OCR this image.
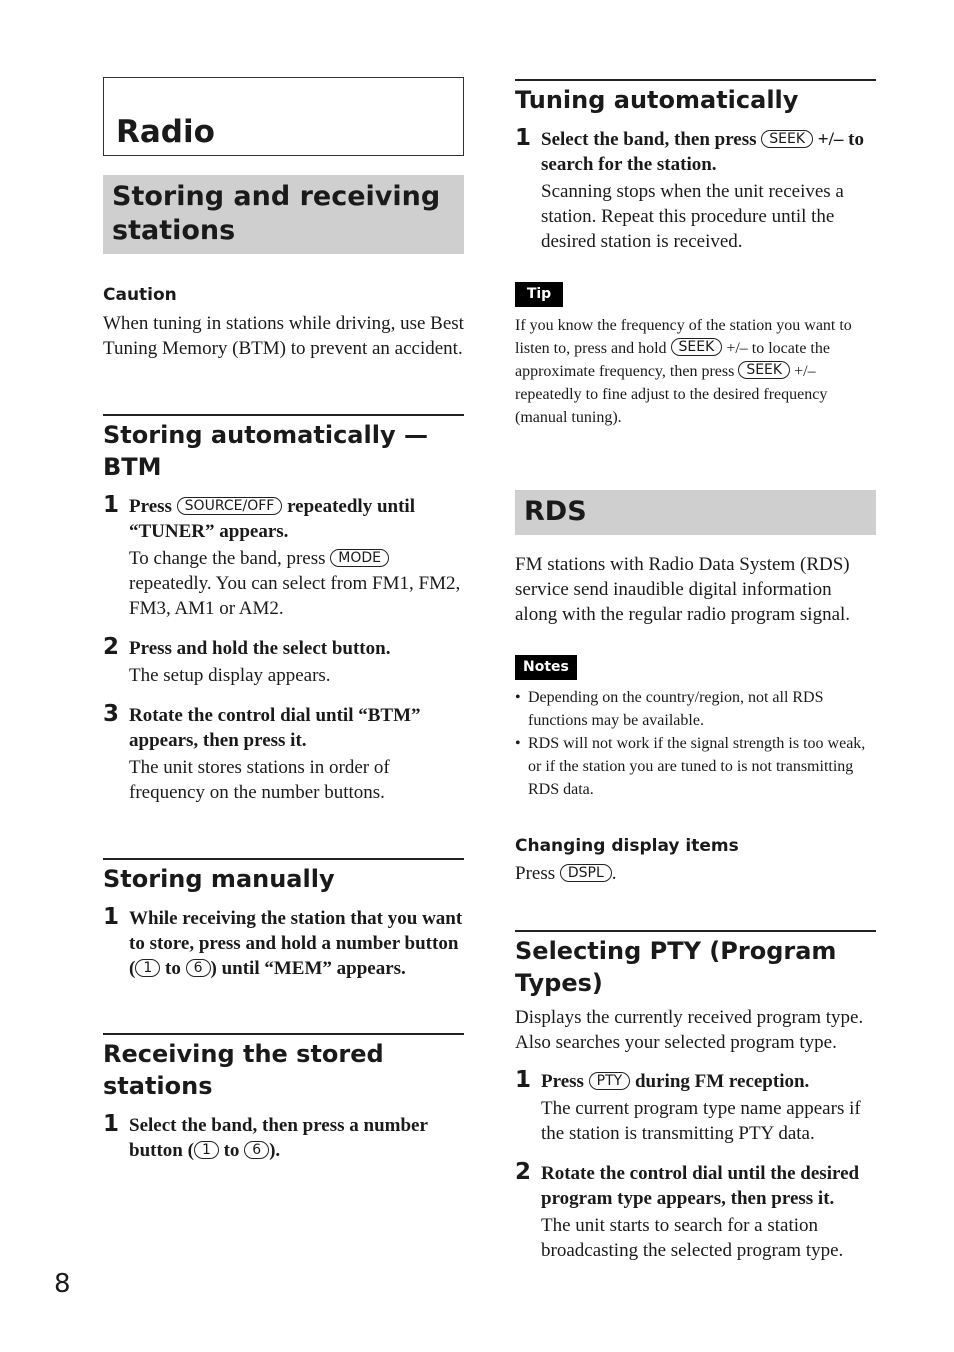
Radio
Storing and receiving stations
Caution
When tuning in stations while driving, use Best Tuning Memory (BTM) to prevent an accident.
Storing automatically — BTM
1 Press SOURCE/OFF repeatedly until “TUNER” appears.
To change the band, press MODE repeatedly. You can select from FM1, FM2, FM3, AM1 or AM2.
2 Press and hold the select button.
The setup display appears.
3 Rotate the control dial until “BTM” appears, then press it.
The unit stores stations in order of frequency on the number buttons.
Storing manually
1 While receiving the station that you want to store, press and hold a number button ( 1 to 6 ) until “MEM” appears.
Receiving the stored stations
1 Select the band, then press a number button ( 1 to 6 ).
Tuning automatically
1 Select the band, then press SEEK +/– to search for the station.
Scanning stops when the unit receives a station. Repeat this procedure until the desired station is received.
Tip
If you know the frequency of the station you want to listen to, press and hold SEEK +/– to locate the approximate frequency, then press SEEK +/– repeatedly to fine adjust to the desired frequency (manual tuning).
RDS
FM stations with Radio Data System (RDS) service send inaudible digital information along with the regular radio program signal.
Notes
• Depending on the country/region, not all RDS functions may be available.
• RDS will not work if the signal strength is too weak, or if the station you are tuned to is not transmitting RDS data.
Changing display items
Press DSPL .
Selecting PTY (Program Types)
Displays the currently received program type. Also searches your selected program type.
1 Press PTY during FM reception.
The current program type name appears if the station is transmitting PTY data.
2 Rotate the control dial until the desired program type appears, then press it.
The unit starts to search for a station broadcasting the selected program type.
8
